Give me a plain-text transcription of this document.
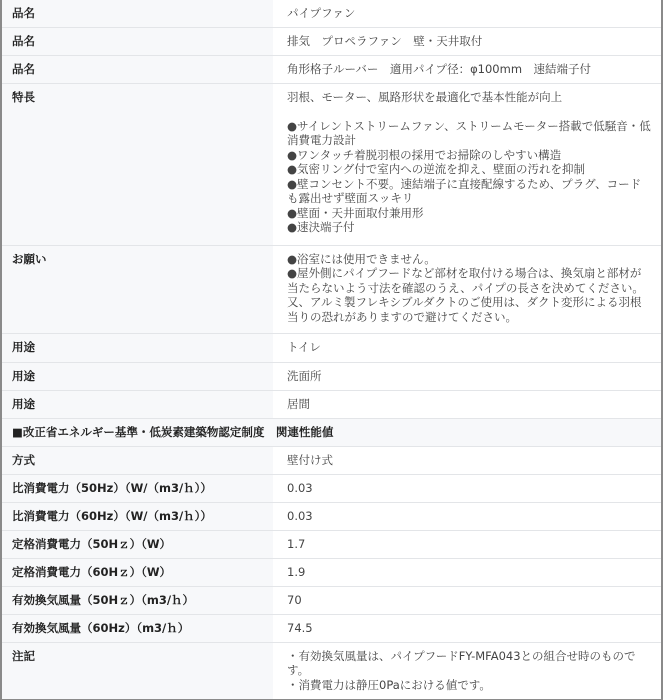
品名	パイプファン
品名	排気　プロペラファン　壁・天井取付
品名	角形格子ルーバー　適用パイプ径：φ100mm　速結端子付
特長	羽根、モーター、風路形状を最適化で基本性能が向上
●サイレントストリームファン、ストリームモーター搭載で低騒音・低消費電力設計
●ワンタッチ着脱羽根の採用でお掃除のしやすい構造
●気密リング付で室内への逆流を抑え、壁面の汚れを抑制
●壁コンセント不要。速結端子に直接配線するため、プラグ、コードも露出せず壁面スッキリ
●壁面・天井面取付兼用形
●速決端子付

お願い	●浴室には使用できません。
●屋外側にパイプフードなど部材を取付ける場合は、換気扇と部材が当たらないよう寸法を確認のうえ、パイプの長さを決めてください。又、アルミ製フレキシブルダクトのご使用は、ダクト変形による羽根当りの恐れがありますので避けてください。

用途	トイレ
用途	洗面所
用途	居間
■改正省エネルギー基準・低炭素建築物認定制度　関連性能値	
方式	壁付け式
比消費電力（50Hz）（W/（m3/ｈ））	0.03
比消費電力（60Hz）（W/（m3/ｈ））	0.03
定格消費電力（50Hｚ）（W）	1.7
定格消費電力（60Hｚ）（W）	1.9
有効換気風量（50Hｚ）（m3/ｈ）	70
有効換気風量（60Hz）（m3/ｈ）	74.5
注記	・有効換気風量は、パイプフードFY-MFA043との組合せ時のものです。
・消費電力は静圧0Paにおける値です。
